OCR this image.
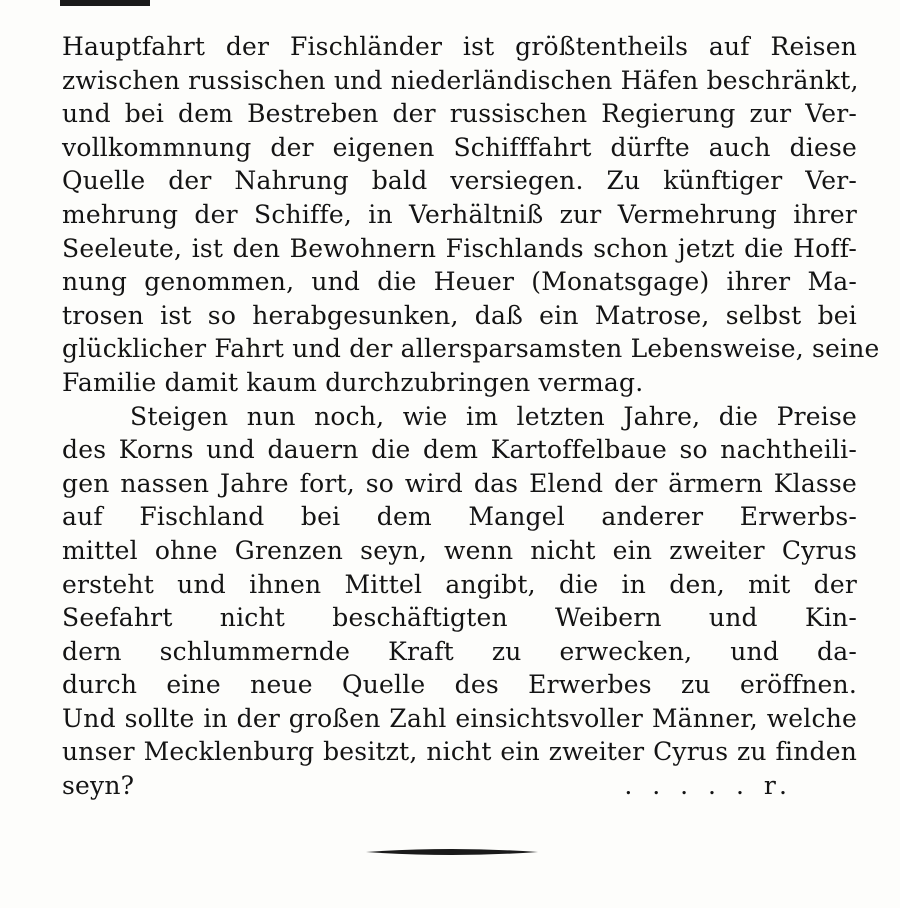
Hauptfahrt der Fischländer ist größtentheils auf Reisen
zwischen russischen und niederländischen Häfen beschränkt,
und bei dem Bestreben der russischen Regierung zur Ver-
vollkommnung der eigenen Schifffahrt dürfte auch diese
Quelle der Nahrung bald versiegen. Zu künftiger Ver-
mehrung der Schiffe, in Verhältniß zur Vermehrung ihrer
Seeleute, ist den Bewohnern Fischlands schon jetzt die Hoff-
nung genommen, und die Heuer (Monatsgage) ihrer Ma-
trosen ist so herabgesunken, daß ein Matrose, selbst bei
glücklicher Fahrt und der allersparsamsten Lebensweise, seine
Familie damit kaum durchzubringen vermag.
Steigen nun noch, wie im letzten Jahre, die Preise
des Korns und dauern die dem Kartoffelbaue so nachtheili-
gen nassen Jahre fort, so wird das Elend der ärmern Klasse
auf Fischland bei dem Mangel anderer Erwerbs-
mittel ohne Grenzen seyn, wenn nicht ein zweiter Cyrus
ersteht und ihnen Mittel angibt, die in den, mit der
Seefahrt nicht beschäftigten Weibern und Kin-
dern schlummernde Kraft zu erwecken, und da-
durch eine neue Quelle des Erwerbes zu eröffnen.
Und sollte in der großen Zahl einsichtsvoller Männer, welche
unser Mecklenburg besitzt, nicht ein zweiter Cyrus zu finden
seyn?	. . . . . r.
